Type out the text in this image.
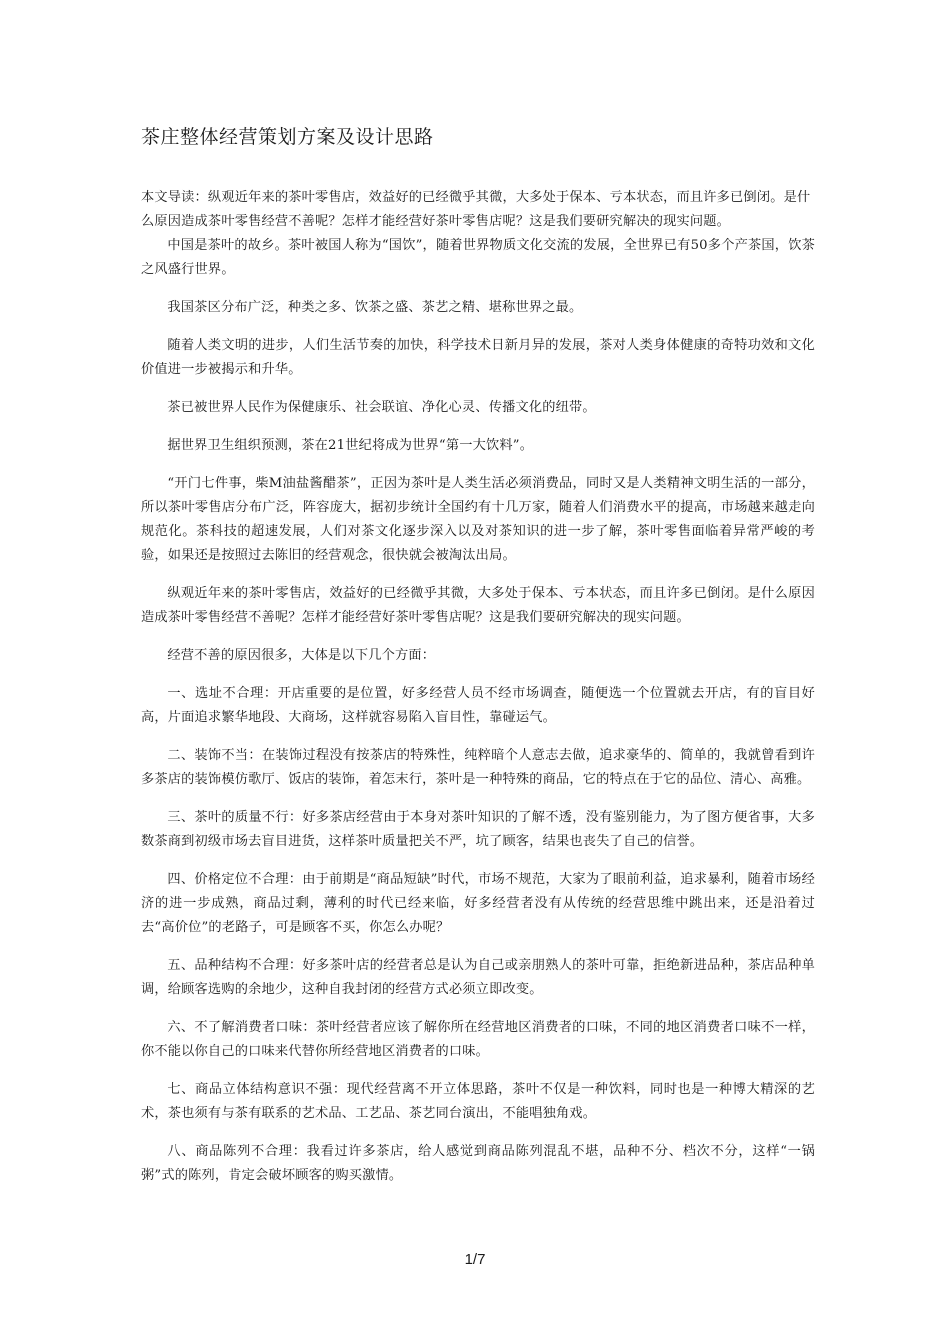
茶庄整体经营策划方案及设计思路

本文导读：纵观近年来的茶叶零售店，效益好的已经微乎其微，大多处于保本、亏本状态，而且许多已倒闭。是什么原因造成茶叶零售经营不善呢？怎样才能经营好茶叶零售店呢？这是我们要研究解决的现实问题。

中国是茶叶的故乡。茶叶被国人称为“国饮”，随着世界物质文化交流的发展，全世界已有50多个产茶国，饮茶之风盛行世界。

我国茶区分布广泛，种类之多、饮茶之盛、茶艺之精、堪称世界之最。

随着人类文明的进步，人们生活节奏的加快，科学技术日新月异的发展，茶对人类身体健康的奇特功效和文化价值进一步被揭示和升华。

茶已被世界人民作为保健康乐、社会联谊、净化心灵、传播文化的纽带。

据世界卫生组织预测，茶在21世纪将成为世界“第一大饮料”。

“开门七件事，柴M油盐酱醋茶”，正因为茶叶是人类生活必须消费品，同时又是人类精神文明生活的一部分，所以茶叶零售店分布广泛，阵容庞大，据初步统计全国约有十几万家，随着人们消费水平的提高，市场越来越走向规范化。茶科技的超速发展，人们对茶文化逐步深入以及对茶知识的进一步了解，茶叶零售面临着异常严峻的考验，如果还是按照过去陈旧的经营观念，很快就会被淘汰出局。

纵观近年来的茶叶零售店，效益好的已经微乎其微，大多处于保本、亏本状态，而且许多已倒闭。是什么原因造成茶叶零售经营不善呢？怎样才能经营好茶叶零售店呢？这是我们要研究解决的现实问题。

经营不善的原因很多，大体是以下几个方面：

一、选址不合理：开店重要的是位置，好多经营人员不经市场调查，随便选一个位置就去开店，有的盲目好高，片面追求繁华地段、大商场，这样就容易陷入盲目性，靠碰运气。

二、装饰不当：在装饰过程没有按茶店的特殊性，纯粹暗个人意志去做，追求豪华的、简单的，我就曾看到许多茶店的装饰模仿歌厅、饭店的装饰，着怎末行，茶叶是一种特殊的商品，它的特点在于它的品位、清心、高雅。

三、茶叶的质量不行：好多茶店经营由于本身对茶叶知识的了解不透，没有鉴别能力，为了图方便省事，大多数茶商到初级市场去盲目进货，这样茶叶质量把关不严，坑了顾客，结果也丧失了自己的信誉。

四、价格定位不合理：由于前期是“商品短缺”时代，市场不规范，大家为了眼前利益，追求暴利，随着市场经济的进一步成熟，商品过剩，薄利的时代已经来临，好多经营者没有从传统的经营思维中跳出来，还是沿着过去“高价位”的老路子，可是顾客不买，你怎么办呢？

五、品种结构不合理：好多茶叶店的经营者总是认为自己或亲朋熟人的茶叶可靠，拒绝新进品种，茶店品种单调，给顾客选购的余地少，这种自我封闭的经营方式必须立即改变。

六、不了解消费者口味：茶叶经营者应该了解你所在经营地区消费者的口味，不同的地区消费者口味不一样，你不能以你自己的口味来代替你所经营地区消费者的口味。

七、商品立体结构意识不强：现代经营离不开立体思路，茶叶不仅是一种饮料，同时也是一种博大精深的艺术，茶也须有与茶有联系的艺术品、工艺品、茶艺同台演出，不能唱独角戏。

八、商品陈列不合理：我看过许多茶店，给人感觉到商品陈列混乱不堪，品种不分、档次不分，这样“一锅粥”式的陈列，肯定会破坏顾客的购买激情。

1/7
